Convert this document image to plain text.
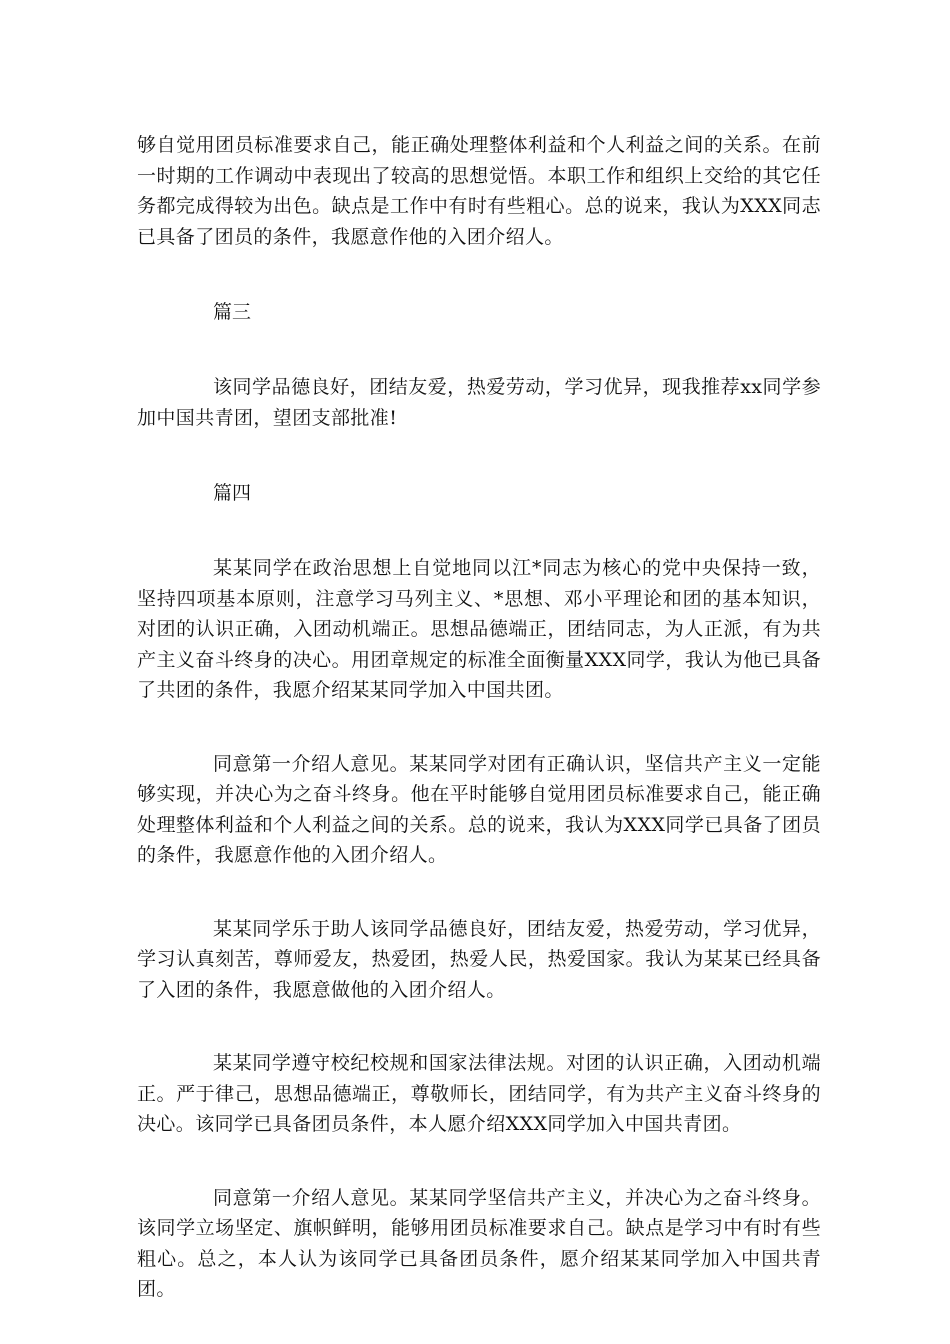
够自觉用团员标准要求自己，能正确处理整体利益和个人利益之间的关系。在前一时期的工作调动中表现出了较高的思想觉悟。本职工作和组织上交给的其它任务都完成得较为出色。缺点是工作中有时有些粗心。总的说来，我认为XXX同志已具备了团员的条件，我愿意作他的入团介绍人。

篇三

该同学品德良好，团结友爱，热爱劳动，学习优异，现我推荐xx同学参加中国共青团，望团支部批准!

篇四

某某同学在政治思想上自觉地同以江*同志为核心的党中央保持一致，坚持四项基本原则，注意学习马列主义、*思想、邓小平理论和团的基本知识，对团的认识正确，入团动机端正。思想品德端正，团结同志，为人正派，有为共产主义奋斗终身的决心。用团章规定的标准全面衡量XXX同学，我认为他已具备了共团的条件，我愿介绍某某同学加入中国共团。

同意第一介绍人意见。某某同学对团有正确认识，坚信共产主义一定能够实现，并决心为之奋斗终身。他在平时能够自觉用团员标准要求自己，能正确处理整体利益和个人利益之间的关系。总的说来，我认为XXX同学已具备了团员的条件，我愿意作他的入团介绍人。

某某同学乐于助人该同学品德良好，团结友爱，热爱劳动，学习优异，学习认真刻苦，尊师爱友，热爱团，热爱人民，热爱国家。我认为某某已经具备了入团的条件，我愿意做他的入团介绍人。

某某同学遵守校纪校规和国家法律法规。对团的认识正确，入团动机端正。严于律己，思想品德端正，尊敬师长，团结同学，有为共产主义奋斗终身的决心。该同学已具备团员条件，本人愿介绍XXX同学加入中国共青团。

同意第一介绍人意见。某某同学坚信共产主义，并决心为之奋斗终身。该同学立场坚定、旗帜鲜明，能够用团员标准要求自己。缺点是学习中有时有些粗心。总之，本人认为该同学已具备团员条件，愿介绍某某同学加入中国共青团。
